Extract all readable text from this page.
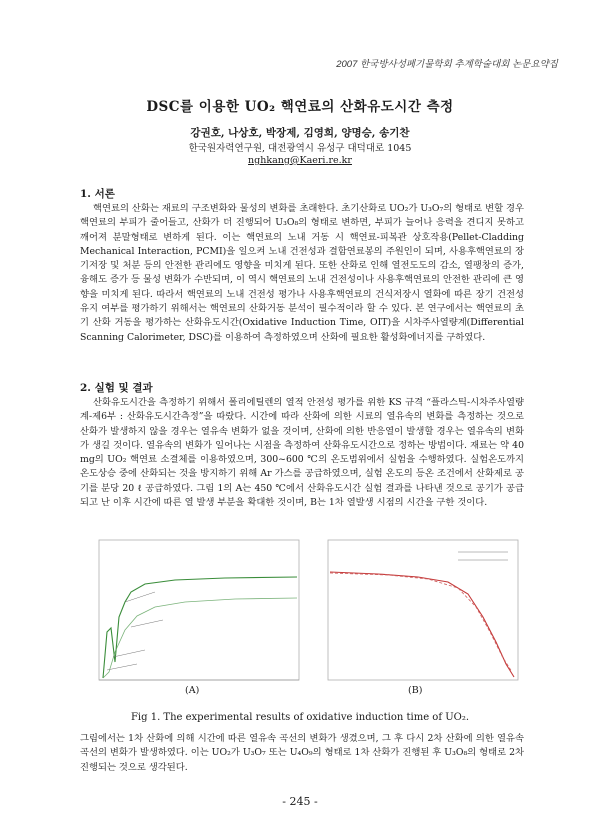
2007 한국방사성폐기물학회 추계학술대회 논문요약집
DSC를 이용한 UO₂ 핵연료의 산화유도시간 측정
강권호, 나상호, 박장제, 김영희, 양명승, 송기찬
한국원자력연구원, 대전광역시 유성구 대덕대로 1045
nghkang@Kaeri.re.kr
1. 서론

핵연료의 산화는 재료의 구조변화와 물성의 변화를 초래한다. 초기산화로 UO₂가 U₃O₇의 형태로 변할 경우 핵연료의 부피가 줄어들고, 산화가 더 진행되어 U₃O₈의 형태로 변하면, 부피가 늘어나 응력을 견디지 못하고 깨어져 분말형태로 변하게 된다. 이는 핵연료의 노내 거동 시 핵연료-피복관 상호작용(Pellet-Cladding Mechanical Interaction, PCMI)을 일으켜 노내 건전성과 결함연료봉의 주원인이 되며, 사용후핵연료의 장기저장 및 처분 등의 안전한 관리에도 영향을 미치게 된다. 또한 산화로 인해 열전도도의 감소, 열팽창의 증가, 융해도 증가 등 물성 변화가 수반되며, 이 역시 핵연료의 노내 건전성이나 사용후핵연료의 안전한 관리에 큰 영향을 미치게 된다. 따라서 핵연료의 노내 건전성 평가나 사용후핵연료의 건식저장시 열화에 따른 장기 건전성 유지 여부를 평가하기 위해서는 핵연료의 산화거동 분석이 필수적이라 할 수 있다. 본 연구에서는 핵연료의 초기 산화 거동을 평가하는 산화유도시간(Oxidative Induction Time, OIT)을 시차주사열량계(Differential Scanning Calorimeter, DSC)를 이용하여 측정하였으며 산화에 필요한 활성화에너지를 구하였다.

2. 실험 및 결과

산화유도시간을 측정하기 위해서 폴리에틸렌의 열적 안전성 평가를 위한 KS 규격 “플라스틱-시차주사열량계-제6부 : 산화유도시간측정”을 따랐다. 시간에 따라 산화에 의한 시료의 열유속의 변화를 측정하는 것으로 산화가 발생하지 않을 경우는 열유속 변화가 없을 것이며, 산화에 의한 반응열이 발생할 경우는 열유속의 변화가 생길 것이다. 열유속의 변화가 일어나는 시점을 측정하여 산화유도시간으로 정하는 방법이다. 재료는 약 40 mg의 UO₂ 핵연료 소결체를 이용하였으며, 300~600 ℃의 온도범위에서 실험을 수행하였다. 실험온도까지 온도상승 중에 산화되는 것을 방지하기 위해 Ar 가스를 공급하였으며, 실험 온도의 등온 조건에서 산화제로 공기를 분당 20 ℓ 공급하였다. 그림 1의 A는 450 ℃에서 산화유도시간 실험 결과를 나타낸 것으로 공기가 공급되고 난 이후 시간에 따른 열 발생 부분을 확대한 것이며, B는 1차 열발생 시점의 시간을 구한 것이다.

(A)	(B)
Fig 1. The experimental results of oxidative induction time of UO₂.

그림에서는 1차 산화에 의해 시간에 따른 열유속 곡선의 변화가 생겼으며, 그 후 다시 2차 산화에 의한 열유속 곡선의 변화가 발생하였다. 이는 UO₂가 U₃O₇ 또는 U₄O₉의 형태로 1차 산화가 진행된 후 U₃O₈의 형태로 2차 진행되는 것으로 생각된다.

- 245 -
